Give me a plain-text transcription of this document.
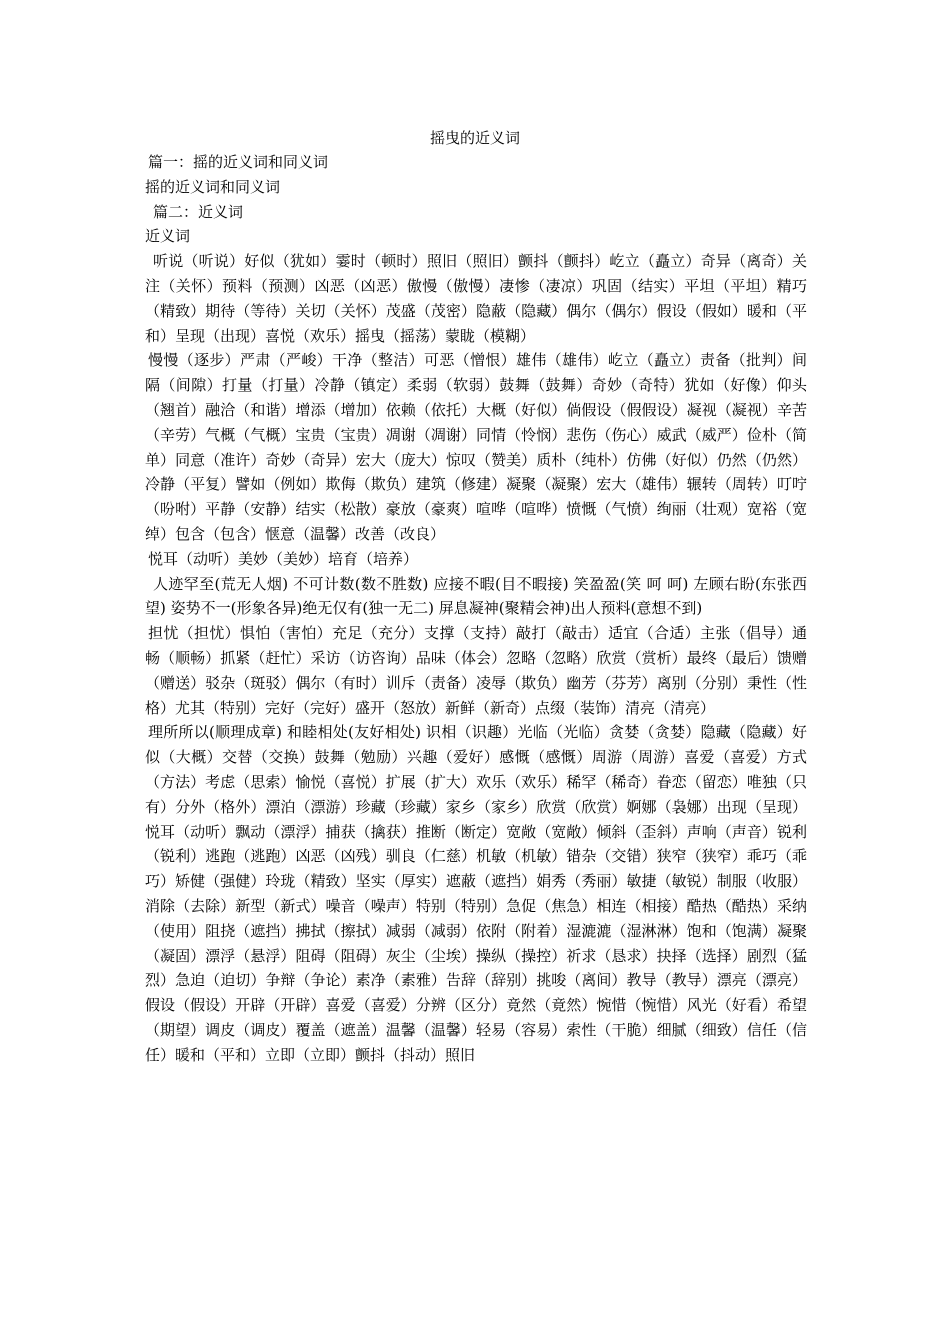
摇曳的近义词

篇一：摇的近义词和同义词

摇的近义词和同义词

篇二：近义词

近义词

听说（听说）好似（犹如）霎时（顿时）照旧（照旧）颤抖（颤抖）屹立（矗立）奇异（离奇）关注（关怀）预料（预测）凶恶（凶恶）傲慢（傲慢）凄惨（凄凉）巩固（结实）平坦（平坦）精巧（精致）期待（等待）关切（关怀）茂盛（茂密）隐蔽（隐藏）偶尔（偶尔）假设（假如）暖和（平和）呈现（出现）喜悦（欢乐）摇曳（摇荡）蒙眬（模糊）

慢慢（逐步）严肃（严峻）干净（整洁）可恶（憎恨）雄伟（雄伟）屹立（矗立）责备（批判）间隔（间隙）打量（打量）冷静（镇定）柔弱（软弱）鼓舞（鼓舞）奇妙（奇特）犹如（好像）仰头（翘首）融洽（和谐）增添（增加）依赖（依托）大概（好似）倘假设（假假设）凝视（凝视）辛苦（辛劳）气概（气概）宝贵（宝贵）凋谢（凋谢）同情（怜悯）悲伤（伤心）威武（威严）俭朴（简单）同意（准许）奇妙（奇异）宏大（庞大）惊叹（赞美）质朴（纯朴）仿佛（好似）仍然（仍然）冷静（平复）譬如（例如）欺侮（欺负）建筑（修建）凝聚（凝聚）宏大（雄伟）辗转（周转）叮咛（吩咐）平静（安静）结实（松散）豪放（豪爽）喧哗（喧哗）愤慨（气愤）绚丽（壮观）宽裕（宽绰）包含（包含）惬意（温馨）改善（改良）

悦耳（动听）美妙（美妙）培育（培养）

人迹罕至(荒无人烟) 不可计数(数不胜数) 应接不暇(目不暇接) 笑盈盈(笑 呵 呵) 左顾右盼(东张西望) 姿势不一(形象各异)绝无仅有(独一无二) 屏息凝神(聚精会神)出人预料(意想不到)

担忧（担忧）惧怕（害怕）充足（充分）支撑（支持）敲打（敲击）适宜（合适）主张（倡导）通畅（顺畅）抓紧（赶忙）采访（访咨询）品味（体会）忽略（忽略）欣赏（赏析）最终（最后）馈赠（赠送）驳杂（斑驳）偶尔（有时）训斥（责备）凌辱（欺负）幽芳（芬芳）离别（分别）秉性（性格）尤其（特别）完好（完好）盛开（怒放）新鲜（新奇）点缀（装饰）清亮（清亮）

理所所以(顺理成章) 和睦相处(友好相处) 识相（识趣）光临（光临）贪婪（贪婪）隐藏（隐藏）好似（大概）交替（交换）鼓舞（勉励）兴趣（爱好）感慨（感慨）周游（周游）喜爱（喜爱）方式（方法）考虑（思索）愉悦（喜悦）扩展（扩大）欢乐（欢乐）稀罕（稀奇）眷恋（留恋）唯独（只有）分外（格外）漂泊（漂游）珍藏（珍藏）家乡（家乡）欣赏（欣赏）婀娜（袅娜）出现（呈现）悦耳（动听）飘动（漂浮）捕获（擒获）推断（断定）宽敞（宽敞）倾斜（歪斜）声响（声音）锐利（锐利）逃跑（逃跑）凶恶（凶残）驯良（仁慈）机敏（机敏）错杂（交错）狭窄（狭窄）乖巧（乖巧）矫健（强健）玲珑（精致）坚实（厚实）遮蔽（遮挡）娟秀（秀丽）敏捷（敏锐）制服（收服）消除（去除）新型（新式）噪音（噪声）特别（特别）急促（焦急）相连（相接）酷热（酷热）采纳（使用）阻挠（遮挡）拂拭（擦拭）减弱（减弱）依附（附着）湿漉漉（湿淋淋）饱和（饱满）凝聚（凝固）漂浮（悬浮）阻碍（阻碍）灰尘（尘埃）操纵（操控）祈求（恳求）抉择（选择）剧烈（猛烈）急迫（迫切）争辩（争论）素净（素雅）告辞（辞别）挑唆（离间）教导（教导）漂亮（漂亮）假设（假设）开辟（开辟）喜爱（喜爱）分辨（区分）竟然（竟然）惋惜（惋惜）风光（好看）希望（期望）调皮（调皮）覆盖（遮盖）温馨（温馨）轻易（容易）索性（干脆）细腻（细致）信任（信任）暖和（平和）立即（立即）颤抖（抖动）照旧
